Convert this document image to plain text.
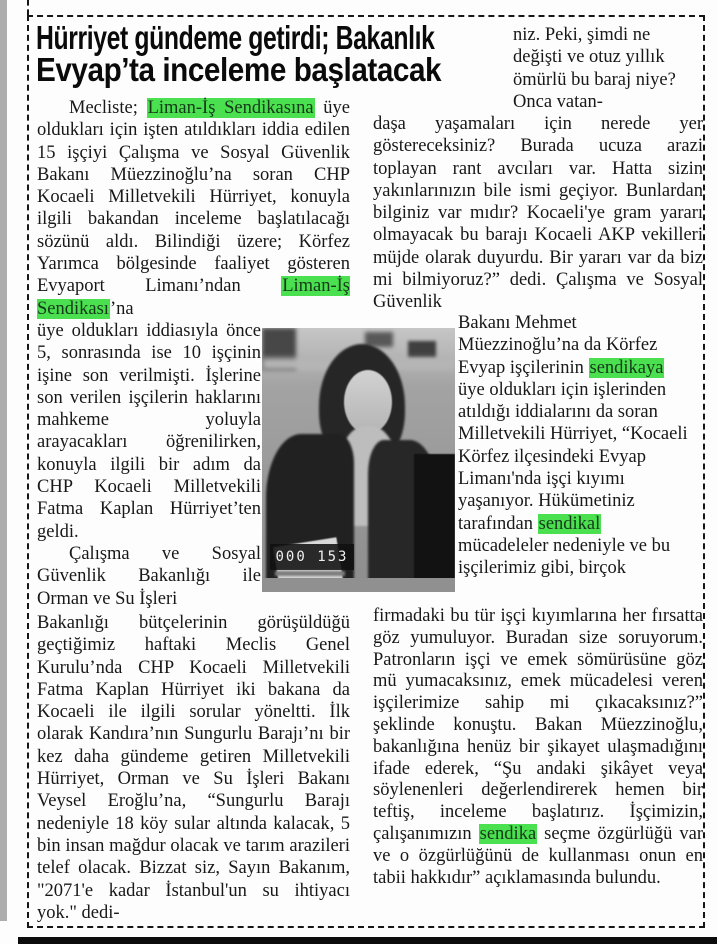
Hürriyet gündeme getirdi; Bakanlık
Evyap’ta inceleme başlatacak

niz. Peki, şimdi ne değişti ve otuz yıllık ömürlü bu baraj niye? Onca vatan-

Mecliste; Liman-İş Sendikasına üye oldukları için işten atıldıkları iddia edilen 15 işçiyi Çalışma ve Sosyal Güvenlik Bakanı Müezzinoğlu’na soran CHP Kocaeli Milletvekili Hürriyet, konuyla ilgili bakandan inceleme başlatılacağı sözünü aldı. Bilindiği üzere; Körfez Yarımca bölgesinde faaliyet gösteren Evyaport Limanı’ndan Liman-İş Sendikası’na

üye oldukları iddiasıyla önce 5, sonrasında ise 10 işçinin işine son verilmişti. İşlerine son verilen işçilerin haklarını mahkeme yoluyla arayacakları öğrenilirken, konuyla ilgili bir adım da CHP Kocaeli Milletvekili Fatma Kaplan Hürriyet’ten geldi.

Çalışma ve Sosyal Güvenlik Bakanlığı ile Orman ve Su İşleri

Bakanlığı bütçelerinin görüşüldüğü geçtiğimiz haftaki Meclis Genel Kurulu’nda CHP Kocaeli Milletvekili Fatma Kaplan Hürriyet iki bakana da Kocaeli ile ilgili sorular yöneltti. İlk olarak Kandıra’nın Sungurlu Barajı’nı bir kez daha gündeme getiren Milletvekili Hürriyet, Orman ve Su İşleri Bakanı Veysel Eroğlu’na, “Sungurlu Barajı nedeniyle 18 köy sular altında kalacak, 5 bin insan mağdur olacak ve tarım arazileri telef olacak. Bizzat siz, Sayın Bakanım, "2071'e kadar İstanbul'un su ihtiyacı yok." dedi-

daşa yaşamaları için nerede yer göstereceksiniz? Burada ucuza arazi toplayan rant avcıları var. Hatta sizin yakınlarınızın bile ismi geçiyor. Bunlardan bilginiz var mıdır? Kocaeli'ye gram yararı olmayacak bu barajı Kocaeli AKP vekilleri müjde olarak duyurdu. Bir yararı var da biz mi bilmiyoruz?” dedi. Çalışma ve Sosyal Güvenlik

Bakanı Mehmet Müezzinoğlu’na da Körfez Evyap işçilerinin sendikaya üye oldukları için işlerinden atıldığı iddialarını da soran Milletvekili Hürriyet, “Kocaeli Körfez ilçesindeki Evyap Limanı'nda işçi kıyımı yaşanıyor. Hükümetiniz tarafından sendikal mücadeleler nedeniyle ve bu işçilerimiz gibi, birçok

firmadaki bu tür işçi kıyımlarına her fırsatta göz yumuluyor. Buradan size soruyorum. Patronların işçi ve emek sömürüsüne göz mü yumacaksınız, emek mücadelesi veren işçilerimize sahip mi çıkacaksınız?” şeklinde konuştu. Bakan Müezzinoğlu, bakanlığına henüz bir şikayet ulaşmadığını ifade ederek, “Şu andaki şikâyet veya söylenenleri değerlendirerek hemen bir teftiş, inceleme başlatırız. İşçimizin, çalışanımızın sendika seçme özgürlüğü var ve o özgürlüğünü de kullanması onun en tabii hakkıdır” açıklamasında bulundu.

000 153
